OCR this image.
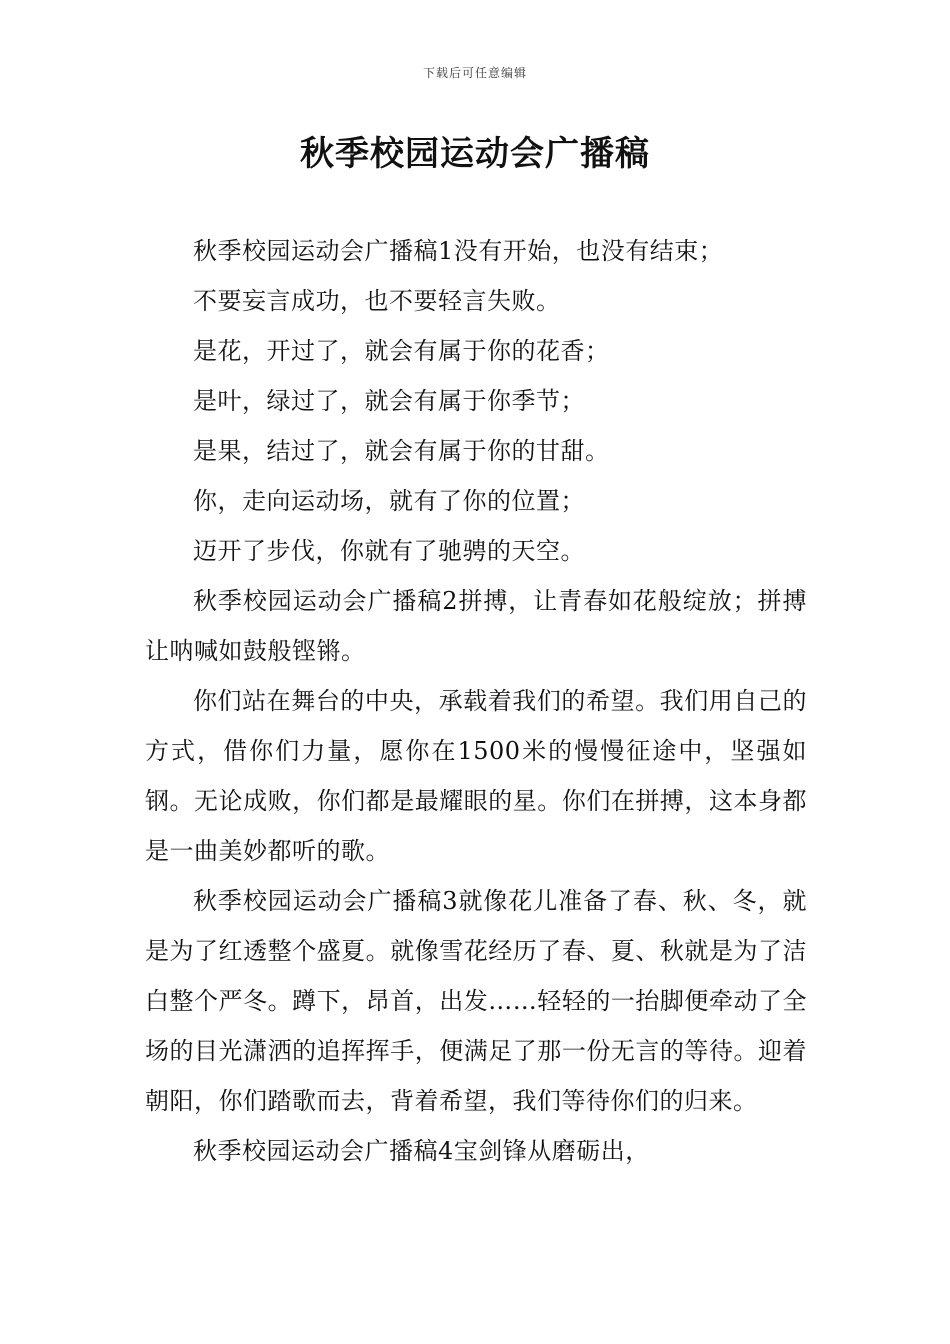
下载后可任意编辑
秋季校园运动会广播稿

秋季校园运动会广播稿1没有开始，也没有结束；

不要妄言成功，也不要轻言失败。

是花，开过了，就会有属于你的花香；

是叶，绿过了，就会有属于你季节；

是果，结过了，就会有属于你的甘甜。

你，走向运动场，就有了你的位置；

迈开了步伐，你就有了驰骋的天空。

秋季校园运动会广播稿2拼搏，让青春如花般绽放；拼搏让呐喊如鼓般铿锵。

你们站在舞台的中央，承载着我们的希望。我们用自己的方式，借你们力量，愿你在1500米的慢慢征途中，坚强如钢。无论成败，你们都是最耀眼的星。你们在拼搏，这本身都是一曲美妙都听的歌。

秋季校园运动会广播稿3就像花儿准备了春、秋、冬，就是为了红透整个盛夏。就像雪花经历了春、夏、秋就是为了洁白整个严冬。蹲下，昂首，出发……轻轻的一抬脚便牵动了全场的目光潇洒的追挥挥手，便满足了那一份无言的等待。迎着朝阳，你们踏歌而去，背着希望，我们等待你们的归来。

秋季校园运动会广播稿4宝剑锋从磨砺出，
